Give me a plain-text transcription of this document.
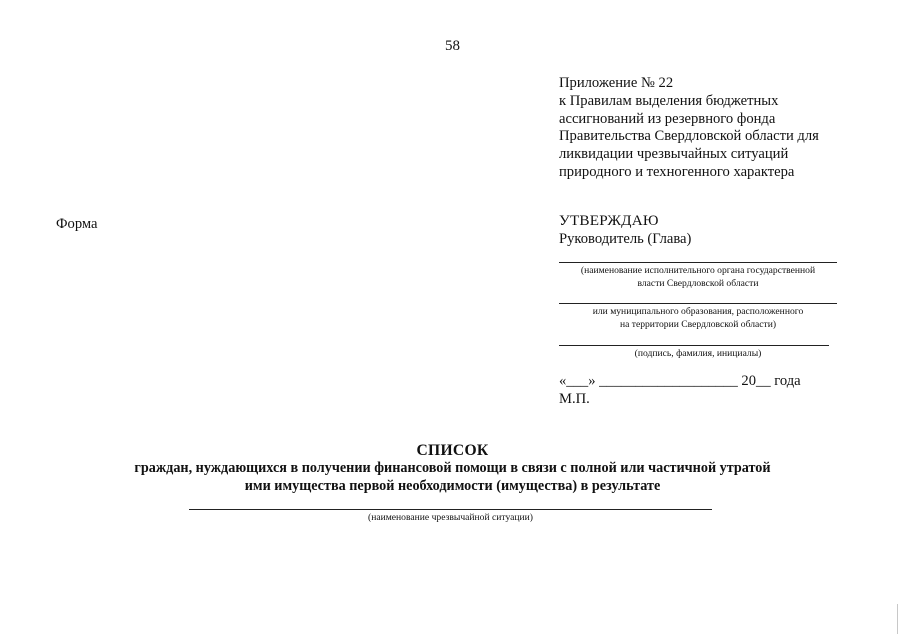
58
Приложение № 22
к Правилам выделения бюджетных
ассигнований из резервного фонда
Правительства Свердловской области для
ликвидации чрезвычайных ситуаций
природного и техногенного характера
Форма	УТВЕРЖДАЮ
Руководитель (Глава)
(наименование исполнительного органа государственной
власти Свердловской области
или муниципального образования, расположенного
на территории Свердловской области)
(подпись, фамилия, инициалы)
«___» ___________________ 20__ года
М.П.
СПИСОК
граждан, нуждающихся в получении финансовой помощи в связи с полной или частичной утратой
ими имущества первой необходимости (имущества) в результате
(наименование чрезвычайной ситуации)
